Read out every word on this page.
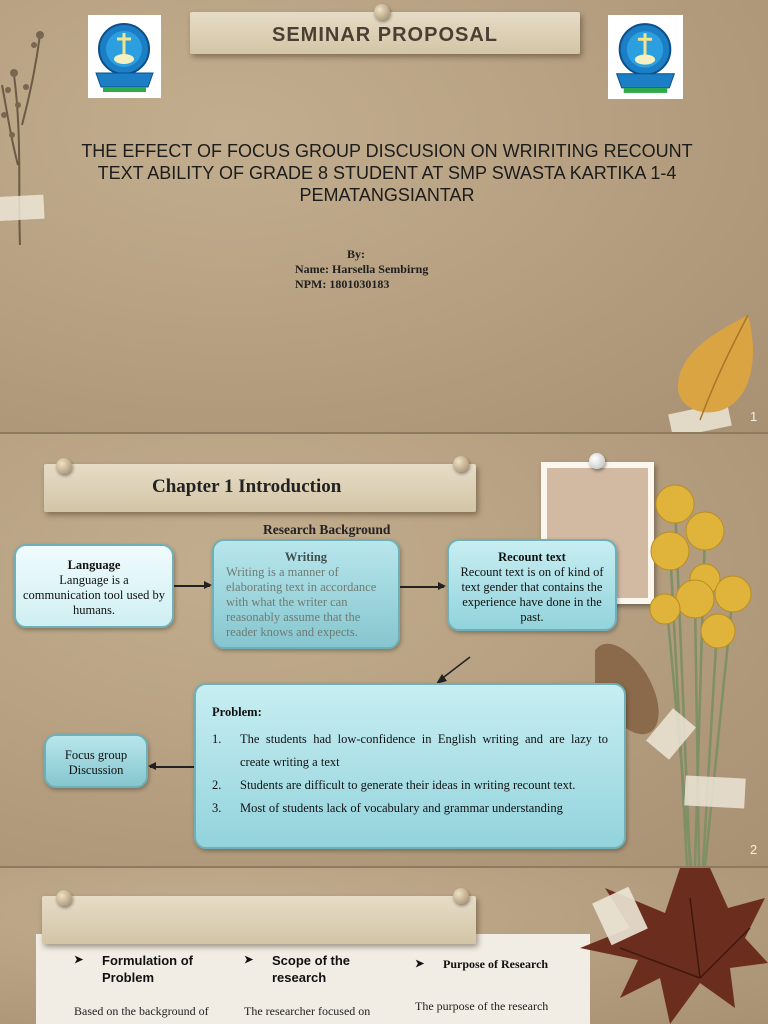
SEMINAR PROPOSAL
THE EFFECT OF FOCUS GROUP DISCUSION ON WRIRITING RECOUNT TEXT ABILITY OF GRADE 8 STUDENT AT SMP SWASTA KARTIKA 1-4 PEMATANGSIANTAR
By:
Name: Harsella Sembirng
NPM: 1801030183
1
Chapter 1 Introduction
Research Background
Language
Language is a communication tool used by humans.
Writing
Writing is a manner of elaborating text in accordance with what the writer can reasonably assume that the reader knows and expects.
Recount text
Recount text is on of kind of text gender that contains the experience have done in the past.
Problem:
1.	The students had low-confidence in English writing and are lazy to create writing a text
2.	Students are difficult to generate their ideas in writing recount text.
3.	Most of students lack of vocabulary and grammar understanding
Focus group Discussion
2
➤	Formulation of Problem
Based on the background of
➤	Scope of the research
The researcher focused on
➤	Purpose of Research
The purpose of the research
